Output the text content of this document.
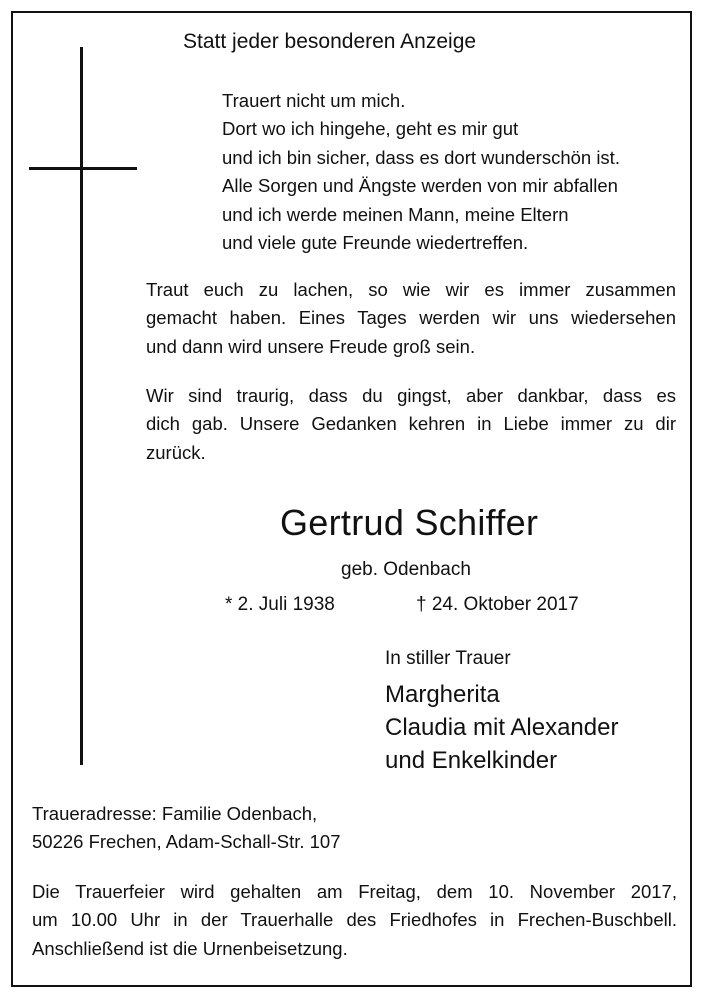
Statt jeder besonderen Anzeige
Trauert nicht um mich.
Dort wo ich hingehe, geht es mir gut
und ich bin sicher, dass es dort wunderschön ist.
Alle Sorgen und Ängste werden von mir abfallen
und ich werde meinen Mann, meine Eltern
und viele gute Freunde wiedertreffen.
Traut euch zu lachen, so wie wir es immer zusammen
gemacht haben. Eines Tages werden wir uns wiedersehen
und dann wird unsere Freude groß sein.
Wir sind traurig, dass du gingst, aber dankbar, dass es
dich gab. Unsere Gedanken kehren in Liebe immer zu dir
zurück.
Gertrud Schiffer
geb. Odenbach
* 2. Juli 1938	† 24. Oktober 2017
In stiller Trauer
Margherita
Claudia mit Alexander
und Enkelkinder
Traueradresse: Familie Odenbach,
50226 Frechen, Adam-Schall-Str. 107
Die Trauerfeier wird gehalten am Freitag, dem 10. November 2017,
um 10.00 Uhr in der Trauerhalle des Friedhofes in Frechen-Buschbell.
Anschließend ist die Urnenbeisetzung.
